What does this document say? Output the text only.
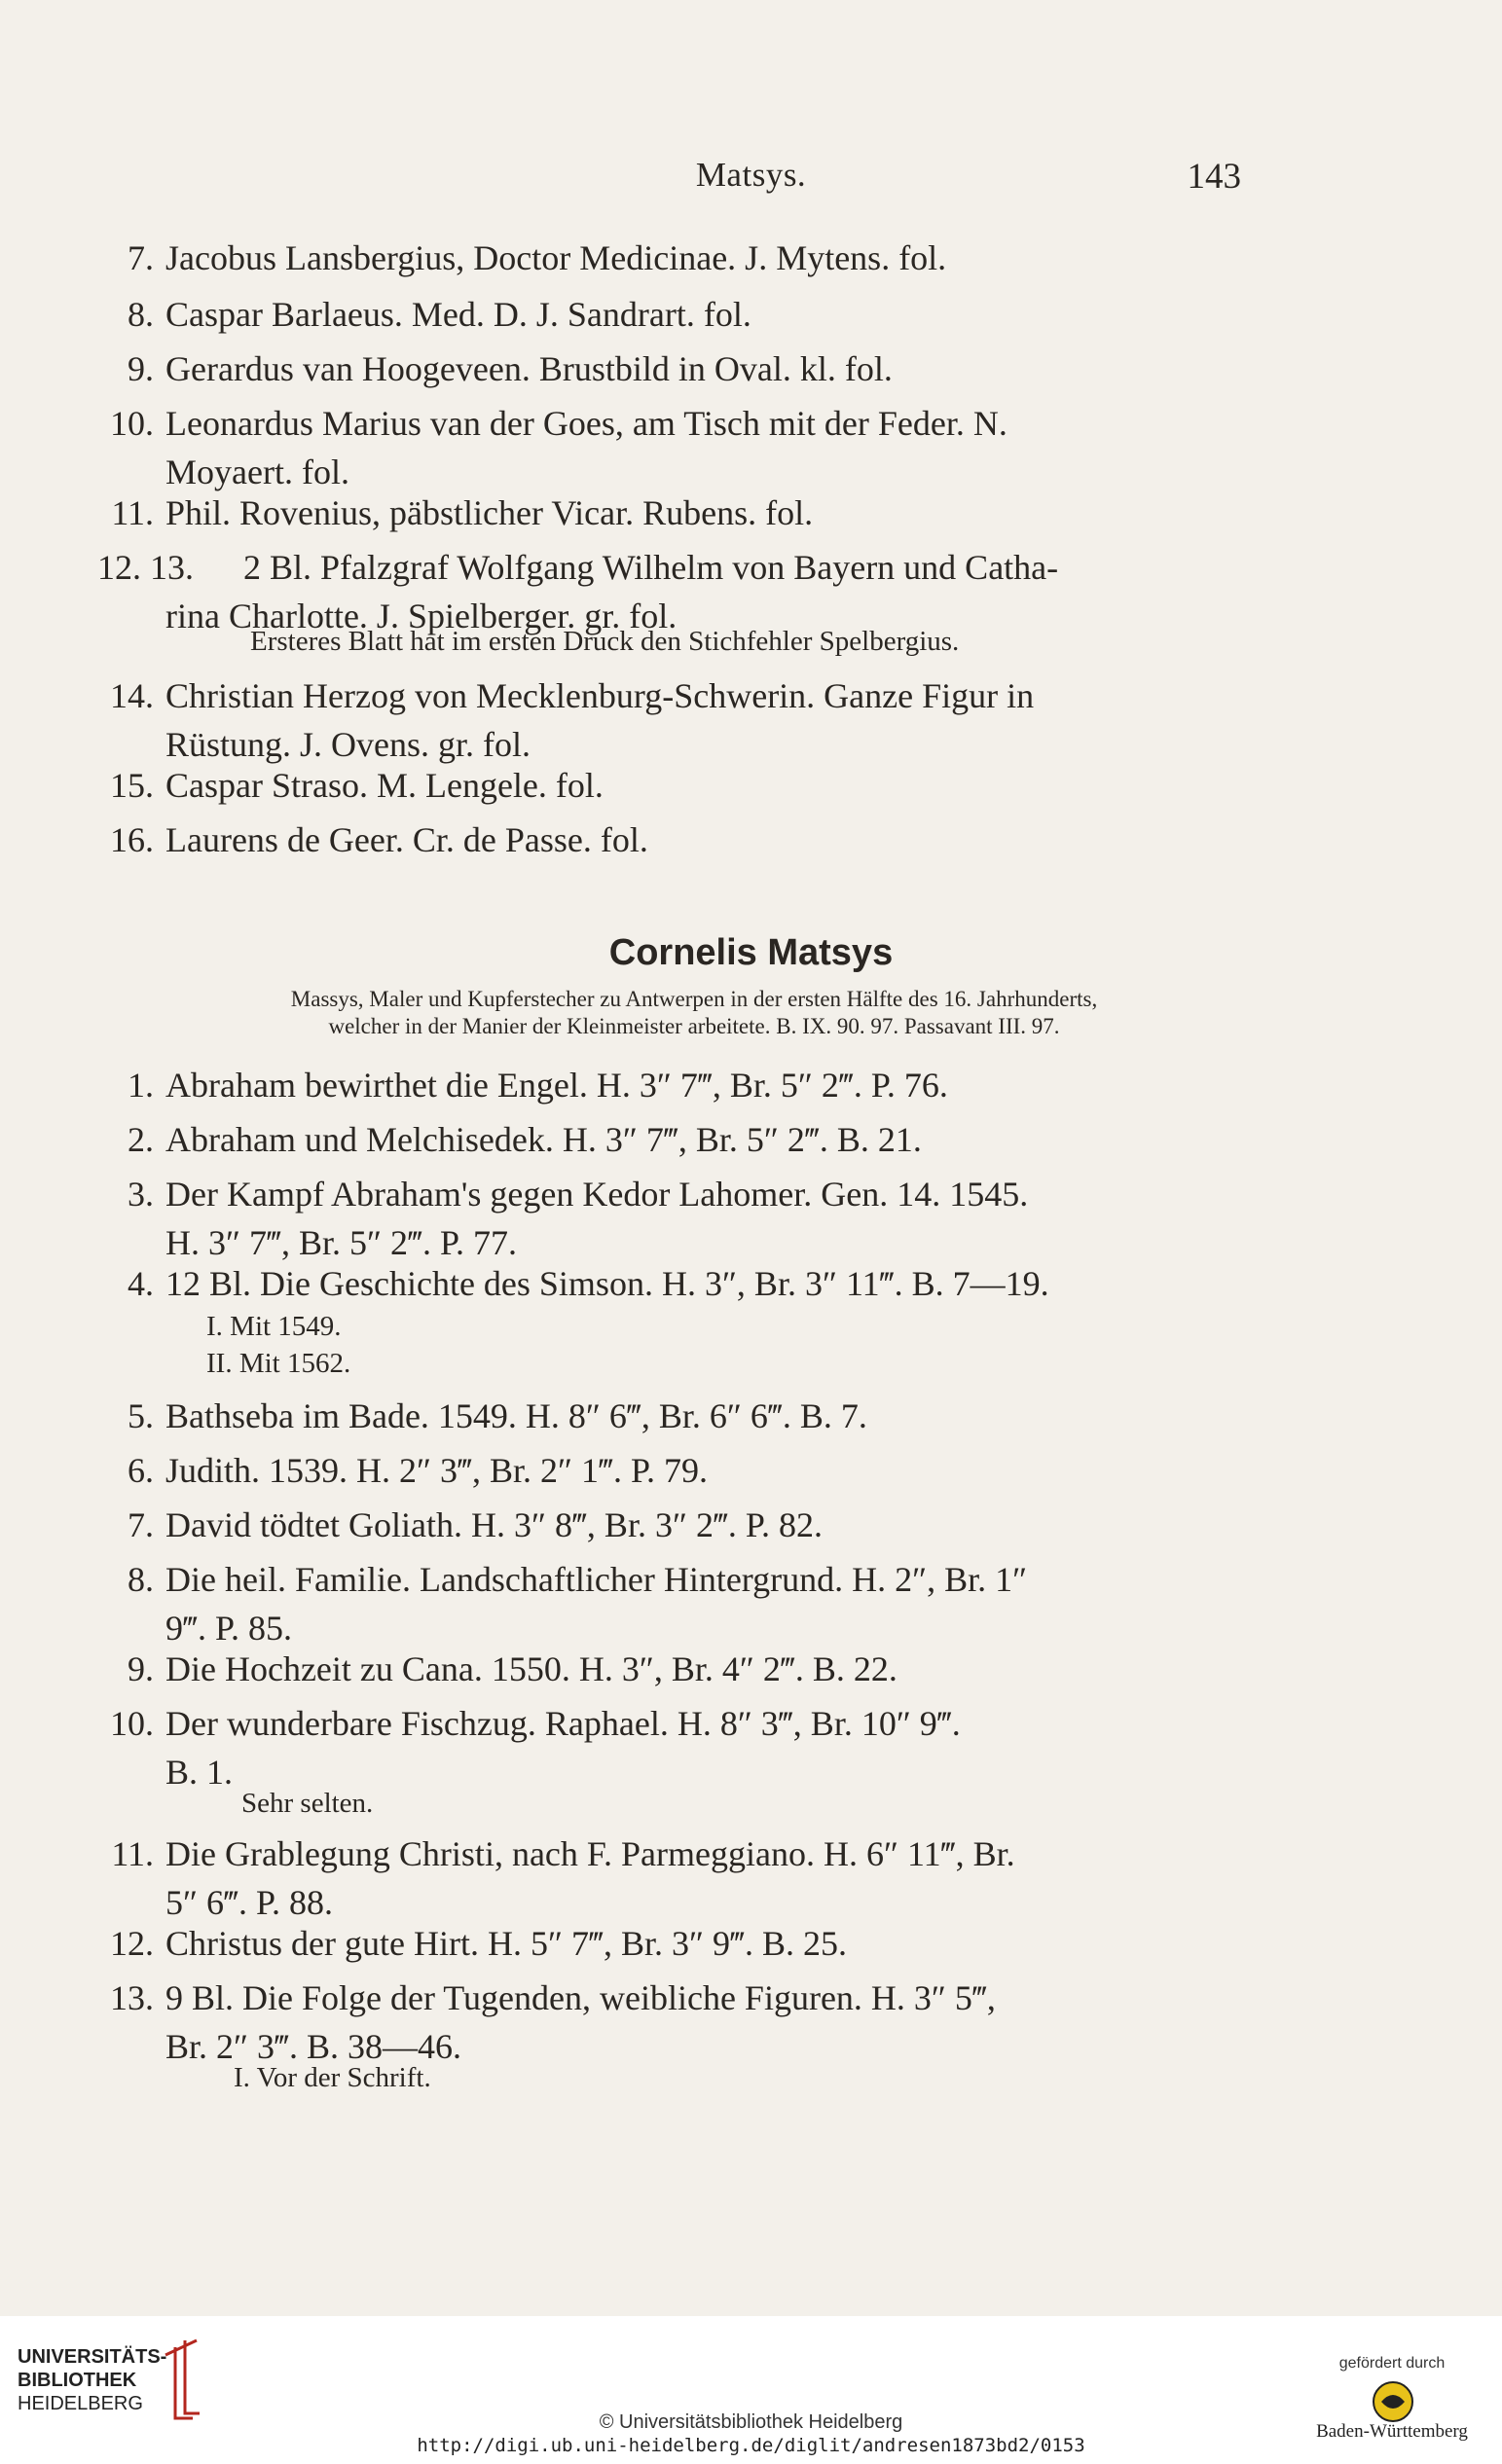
Matsys.	143
7. Jacobus Lansbergius, Doctor Medicinae. J. Mytens. fol.
8. Caspar Barlaeus. Med. D. J. Sandrart. fol.
9. Gerardus van Hoogeveen. Brustbild in Oval. kl. fol.
10. Leonardus Marius van der Goes, am Tisch mit der Feder. N.
Moyaert. fol.
11. Phil. Rovenius, päbstlicher Vicar. Rubens. fol.
12. 13.	2 Bl. Pfalzgraf Wolfgang Wilhelm von Bayern und Catha-
rina Charlotte. J. Spielberger. gr. fol.
Ersteres Blatt hat im ersten Druck den Stichfehler Spelbergius.
14. Christian Herzog von Mecklenburg-Schwerin. Ganze Figur in
Rüstung. J. Ovens. gr. fol.
15. Caspar Straso. M. Lengele. fol.
16. Laurens de Geer. Cr. de Passe. fol.
Cornelis Matsys
Massys, Maler und Kupferstecher zu Antwerpen in der ersten Hälfte des 16. Jahrhunderts,
welcher in der Manier der Kleinmeister arbeitete. B. IX. 90. 97. Passavant III. 97.
1. Abraham bewirthet die Engel. H. 3″ 7‴, Br. 5″ 2‴. P. 76.
2. Abraham und Melchisedek. H. 3″ 7‴, Br. 5″ 2‴. B. 21.
3. Der Kampf Abraham's gegen Kedor Lahomer. Gen. 14. 1545.
H. 3″ 7‴, Br. 5″ 2‴. P. 77.
4. 12 Bl. Die Geschichte des Simson. H. 3″, Br. 3″ 11‴. B. 7—19.
I. Mit 1549.
II. Mit 1562.
5. Bathseba im Bade. 1549. H. 8″ 6‴, Br. 6″ 6‴. B. 7.
6. Judith. 1539. H. 2″ 3‴, Br. 2″ 1‴. P. 79.
7. David tödtet Goliath. H. 3″ 8‴, Br. 3″ 2‴. P. 82.
8. Die heil. Familie. Landschaftlicher Hintergrund. H. 2″, Br. 1″
9‴. P. 85.
9. Die Hochzeit zu Cana. 1550. H. 3″, Br. 4″ 2‴. B. 22.
10. Der wunderbare Fischzug. Raphael. H. 8″ 3‴, Br. 10″ 9‴.
B. 1.
Sehr selten.
11. Die Grablegung Christi, nach F. Parmeggiano. H. 6″ 11‴, Br.
5″ 6‴. P. 88.
12. Christus der gute Hirt. H. 5″ 7‴, Br. 3″ 9‴. B. 25.
13. 9 Bl. Die Folge der Tugenden, weibliche Figuren. H. 3″ 5‴,
Br. 2″ 3‴. B. 38—46.
I. Vor der Schrift.
UNIVERSITÄTS-
BIBLIOTHEK
HEIDELBERG
© Universitätsbibliothek Heidelberg
http://digi.ub.uni-heidelberg.de/diglit/andresen1873bd2/0153
gefördert durch
Baden-Württemberg
